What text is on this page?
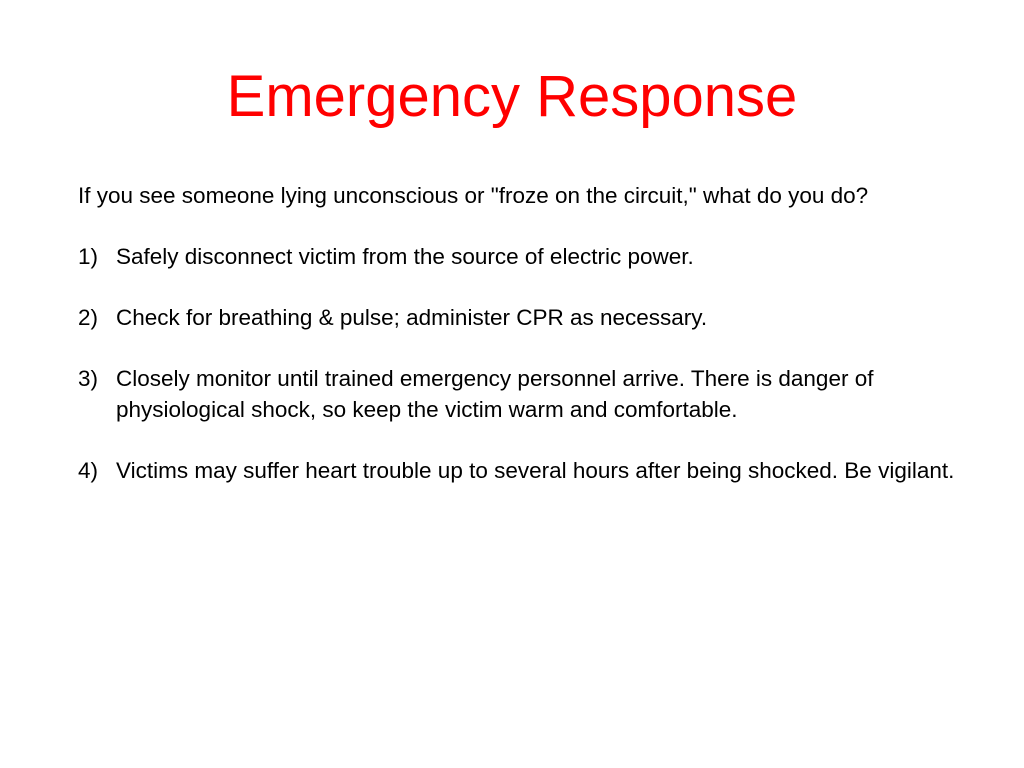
Emergency Response

If you see someone lying unconscious or "froze on the circuit," what do you do?

1) Safely disconnect victim from the source of electric power.
2) Check for breathing & pulse; administer CPR as necessary.
3) Closely monitor until trained emergency personnel arrive. There is danger of physiological shock, so keep the victim warm and comfortable.
4) Victims may suffer heart trouble up to several hours after being shocked. Be vigilant.
